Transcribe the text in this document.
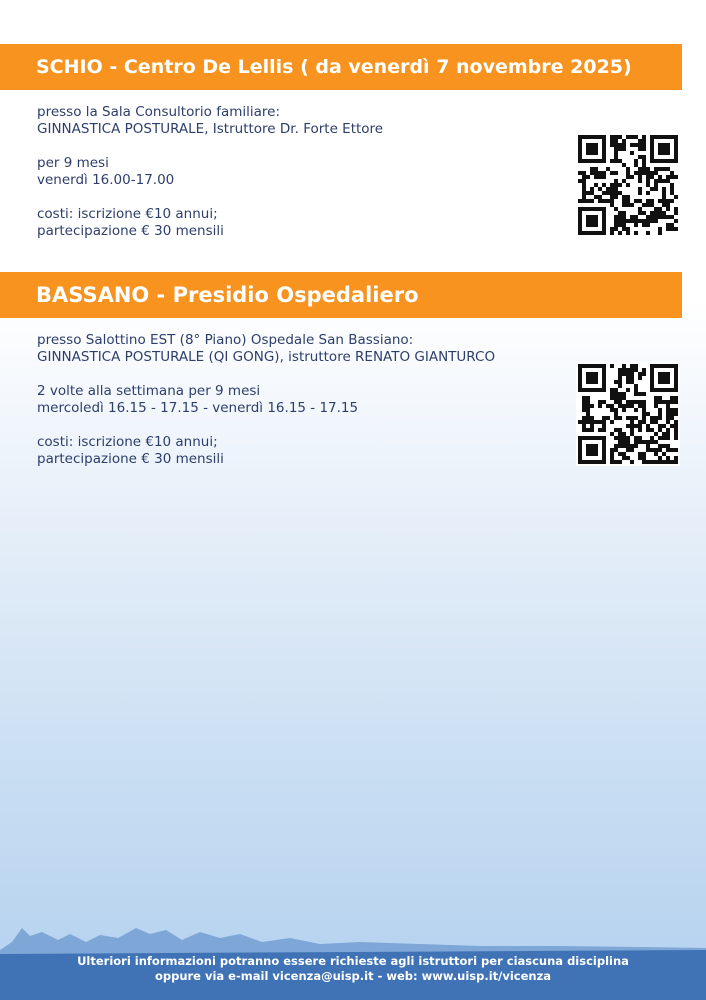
SCHIO - Centro De Lellis ( da venerdì 7 novembre 2025)

presso la Sala Consultorio familiare:
GINNASTICA POSTURALE, Istruttore Dr. Forte Ettore

per 9 mesi
venerdì 16.00-17.00

costi: iscrizione €10 annui;
partecipazione € 30 mensili

BASSANO - Presidio Ospedaliero

presso Salottino EST (8° Piano) Ospedale San Bassiano:
GINNASTICA POSTURALE (QI GONG), istruttore RENATO GIANTURCO

2 volte alla settimana per 9 mesi
mercoledì 16.15 - 17.15 - venerdì 16.15 - 17.15

costi: iscrizione €10 annui;
partecipazione € 30 mensili

Ulteriori informazioni potranno essere richieste agli istruttori per ciascuna disciplina
oppure via e-mail vicenza@uisp.it - web: www.uisp.it/vicenza
